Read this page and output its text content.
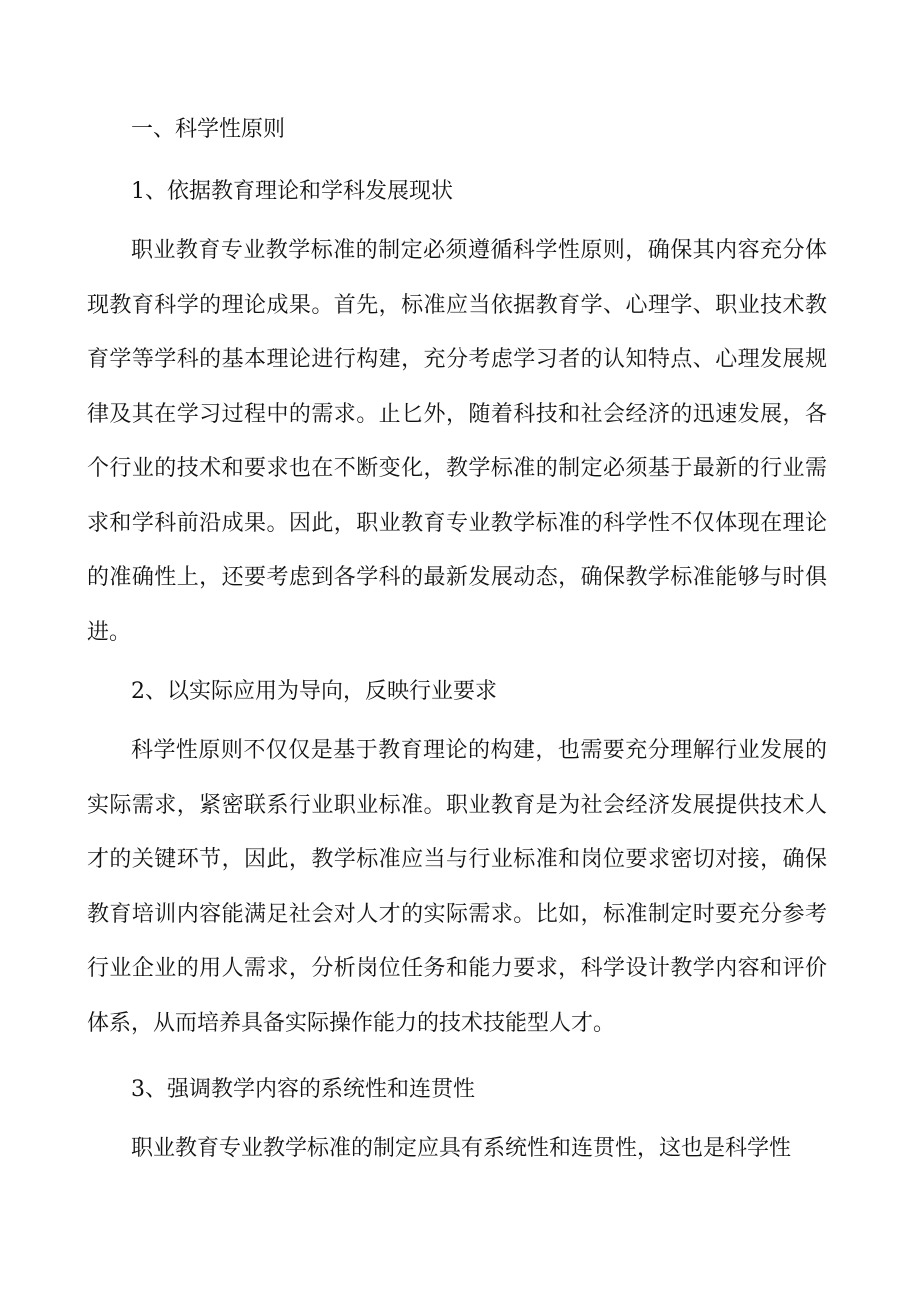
一、科学性原则
1、依据教育理论和学科发展现状

职业教育专业教学标准的制定必须遵循科学性原则，确保其内容充分体现教育科学的理论成果。首先，标准应当依据教育学、心理学、职业技术教育学等学科的基本理论进行构建，充分考虑学习者的认知特点、心理发展规律及其在学习过程中的需求。止匕外，随着科技和社会经济的迅速发展，各个行业的技术和要求也在不断变化，教学标准的制定必须基于最新的行业需求和学科前沿成果。因此，职业教育专业教学标准的科学性不仅体现在理论的准确性上，还要考虑到各学科的最新发展动态，确保教学标准能够与时俱进。

2、以实际应用为导向，反映行业要求

科学性原则不仅仅是基于教育理论的构建，也需要充分理解行业发展的实际需求，紧密联系行业职业标准。职业教育是为社会经济发展提供技术人才的关键环节，因此，教学标准应当与行业标准和岗位要求密切对接，确保教育培训内容能满足社会对人才的实际需求。比如，标准制定时要充分参考行业企业的用人需求，分析岗位任务和能力要求，科学设计教学内容和评价体系，从而培养具备实际操作能力的技术技能型人才。

3、强调教学内容的系统性和连贯性

职业教育专业教学标准的制定应具有系统性和连贯性，这也是科学性
